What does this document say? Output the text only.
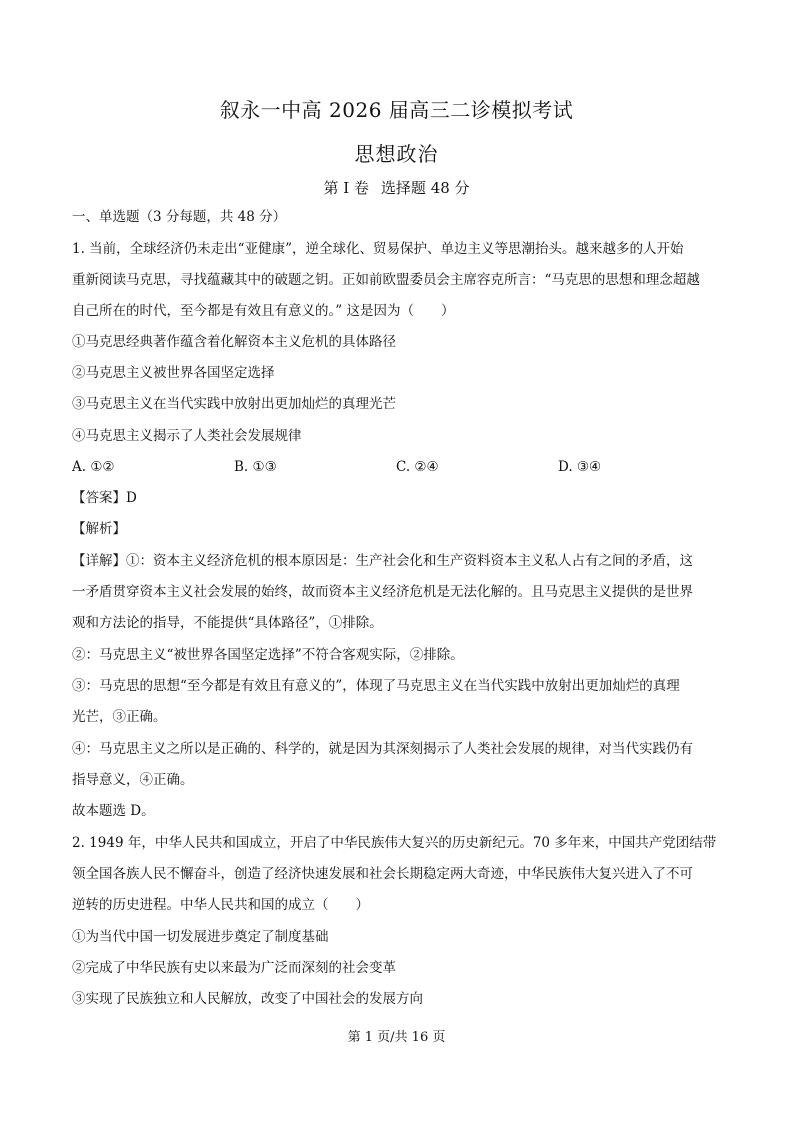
叙永一中高 2026 届高三二诊模拟考试
思想政治
第 I 卷 选择题 48 分
一、单选题（3 分每题，共 48 分）
1. 当前，全球经济仍未走出“亚健康”，逆全球化、贸易保护、单边主义等思潮抬头。越来越多的人开始
重新阅读马克思，寻找蕴藏其中的破题之钥。正如前欧盟委员会主席容克所言：“马克思的思想和理念超越
自己所在的时代，至今都是有效且有意义的。” 这是因为（　　）
①马克思经典著作蕴含着化解资本主义危机的具体路径
②马克思主义被世界各国坚定选择
③马克思主义在当代实践中放射出更加灿烂的真理光芒
④马克思主义揭示了人类社会发展规律
A. ①②	B. ①③	C. ②④	D. ③④
【答案】D
【解析】
【详解】①：资本主义经济危机的根本原因是：生产社会化和生产资料资本主义私人占有之间的矛盾，这
一矛盾贯穿资本主义社会发展的始终，故而资本主义经济危机是无法化解的。且马克思主义提供的是世界
观和方法论的指导，不能提供“具体路径”，①排除。
②：马克思主义“被世界各国坚定选择”不符合客观实际，②排除。
③：马克思的思想“至今都是有效且有意义的”，体现了马克思主义在当代实践中放射出更加灿烂的真理
光芒，③正确。
④：马克思主义之所以是正确的、科学的，就是因为其深刻揭示了人类社会发展的规律，对当代实践仍有
指导意义，④正确。
故本题选 D。
2. 1949 年，中华人民共和国成立，开启了中华民族伟大复兴的历史新纪元。70 多年来，中国共产党团结带
领全国各族人民不懈奋斗，创造了经济快速发展和社会长期稳定两大奇迹，中华民族伟大复兴进入了不可
逆转的历史进程。中华人民共和国的成立（　　）
①为当代中国一切发展进步奠定了制度基础
②完成了中华民族有史以来最为广泛而深刻的社会变革
③实现了民族独立和人民解放，改变了中国社会的发展方向
第 1 页/共 16 页
